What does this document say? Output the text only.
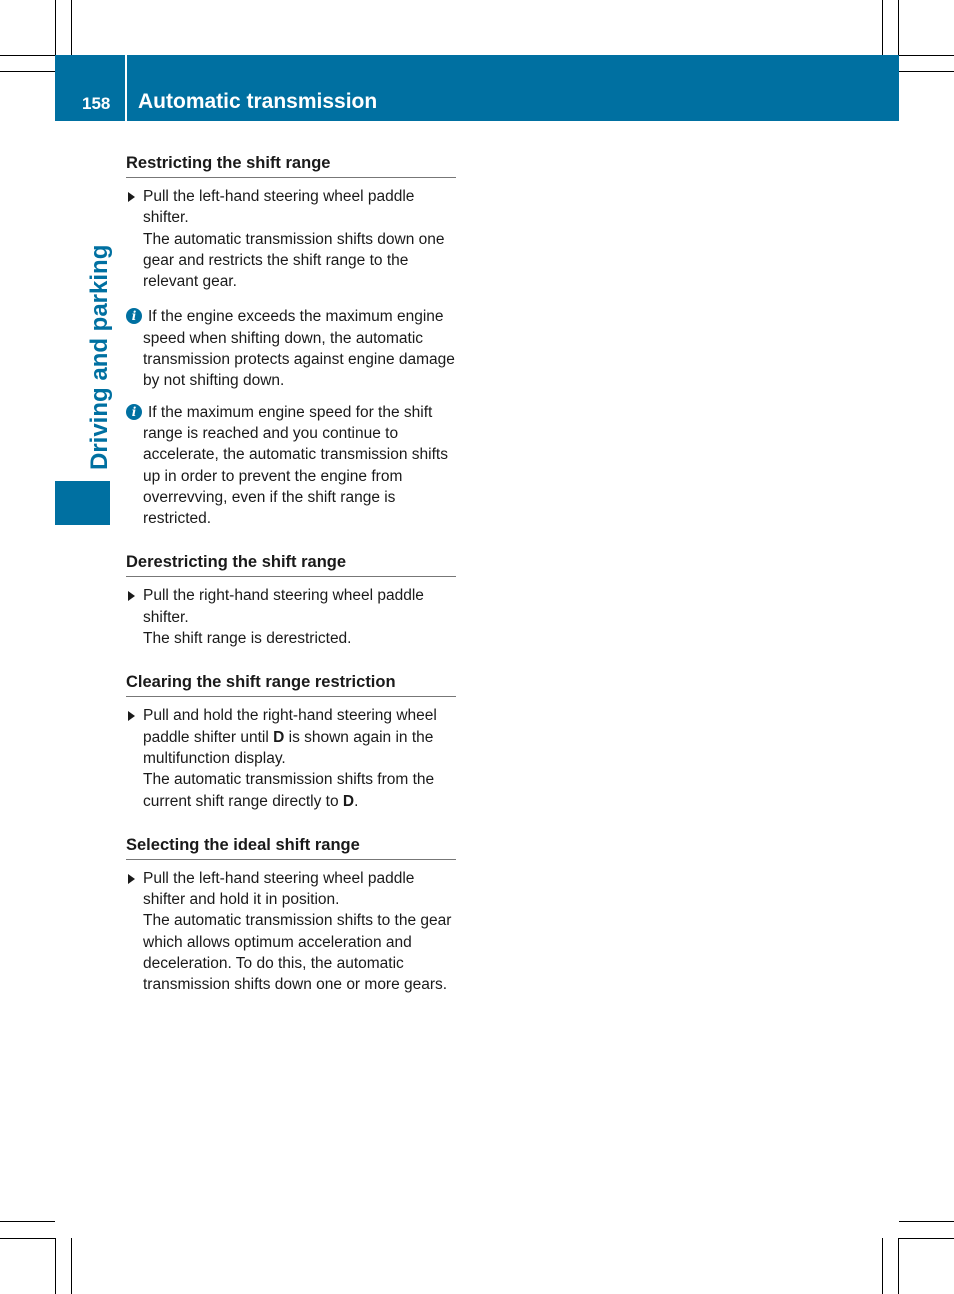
158 Automatic transmission
Driving and parking
Restricting the shift range

Pull the left-hand steering wheel paddle shifter.

The automatic transmission shifts down one gear and restricts the shift range to the relevant gear.

i If the engine exceeds the maximum engine speed when shifting down, the automatic transmission protects against engine damage by not shifting down.
i If the maximum engine speed for the shift range is reached and you continue to accelerate, the automatic transmission shifts up in order to prevent the engine from overrevving, even if the shift range is restricted.
Derestricting the shift range

Pull the right-hand steering wheel paddle shifter.

The shift range is derestricted.

Clearing the shift range restriction

Pull and hold the right-hand steering wheel paddle shifter until D is shown again in the multifunction display.

The automatic transmission shifts from the current shift range directly to D.

Selecting the ideal shift range

Pull the left-hand steering wheel paddle shifter and hold it in position.

The automatic transmission shifts to the gear which allows optimum acceleration and deceleration. To do this, the automatic transmission shifts down one or more gears.
